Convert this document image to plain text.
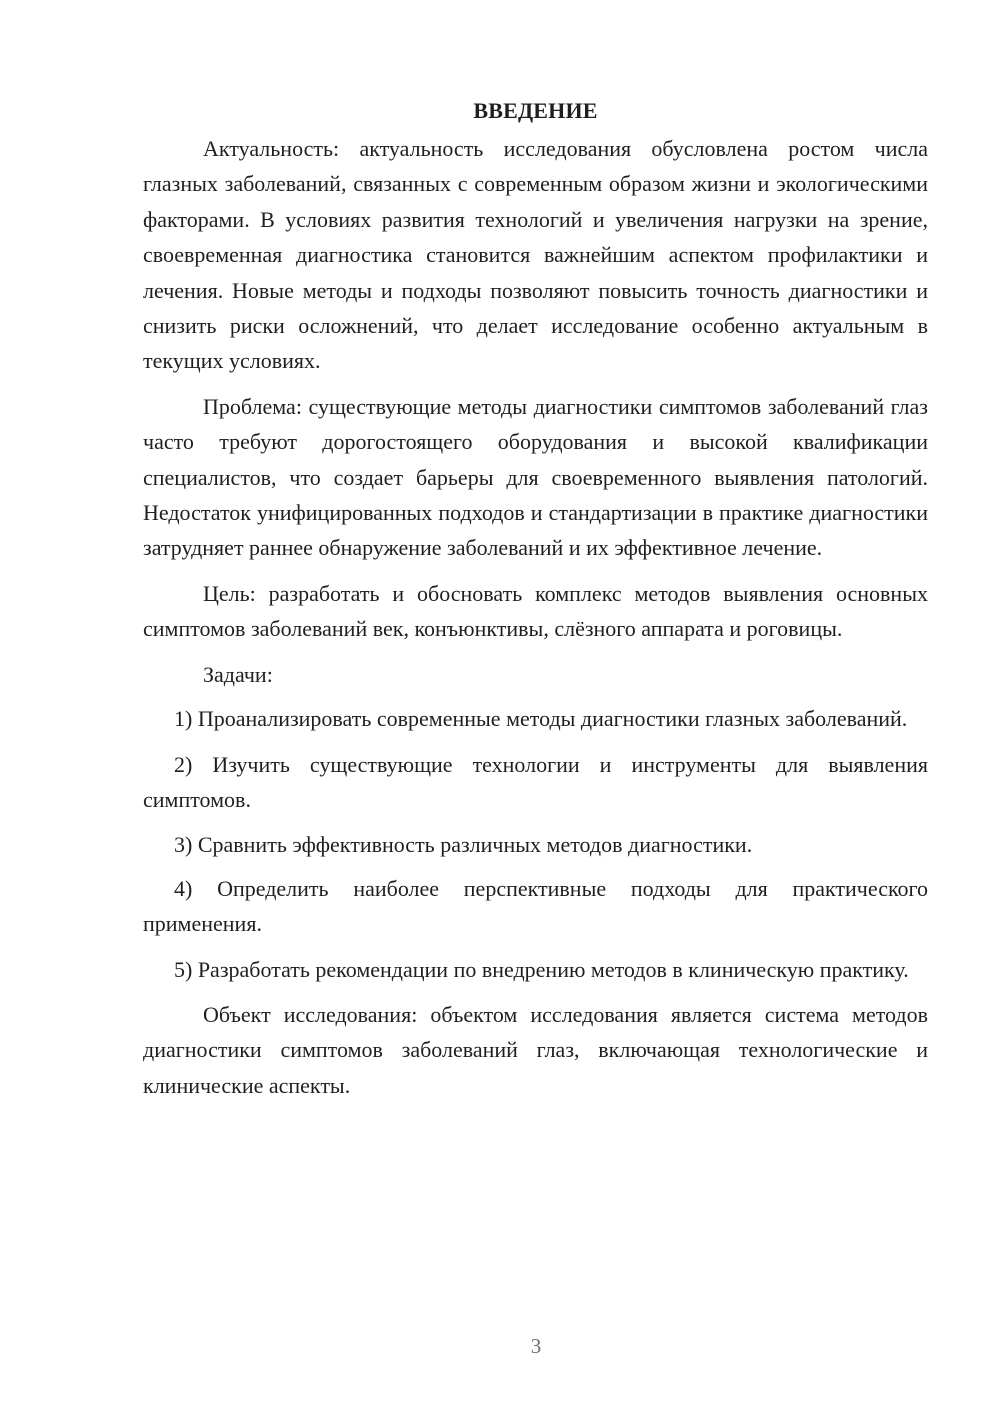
ВВЕДЕНИЕ

Актуальность: актуальность исследования обусловлена ростом числа глазных заболеваний, связанных с современным образом жизни и экологическими факторами. В условиях развития технологий и увеличения нагрузки на зрение, своевременная диагностика становится важнейшим аспектом профилактики и лечения. Новые методы и подходы позволяют повысить точность диагностики и снизить риски осложнений, что делает исследование особенно актуальным в текущих условиях.

Проблема: существующие методы диагностики симптомов заболеваний глаз часто требуют дорогостоящего оборудования и высокой квалификации специалистов, что создает барьеры для своевременного выявления патологий. Недостаток унифицированных подходов и стандартизации в практике диагностики затрудняет раннее обнаружение заболеваний и их эффективное лечение.

Цель: разработать и обосновать комплекс методов выявления основных симптомов заболеваний век, конъюнктивы, слёзного аппарата и роговицы.

Задачи:

1) Проанализировать современные методы диагностики глазных заболеваний.

2) Изучить существующие технологии и инструменты для выявления симптомов.

3) Сравнить эффективность различных методов диагностики.

4) Определить наиболее перспективные подходы для практического применения.

5) Разработать рекомендации по внедрению методов в клиническую практику.

Объект исследования: объектом исследования является система методов диагностики симптомов заболеваний глаз, включающая технологические и клинические аспекты.

3
